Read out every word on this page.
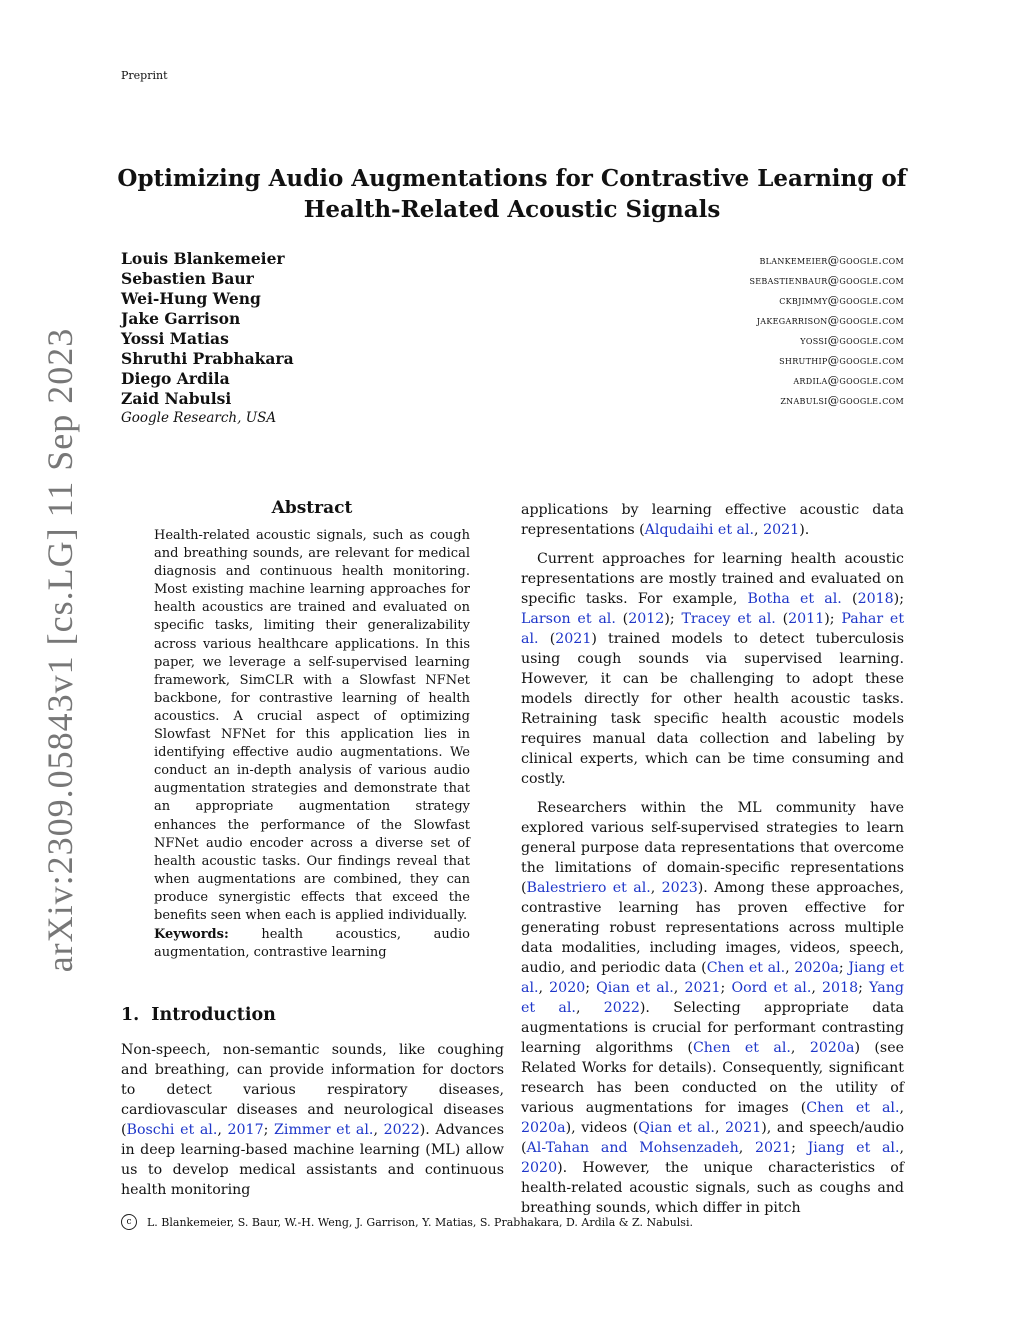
Preprint
arXiv:2309.05843v1 [cs.LG] 11 Sep 2023
Optimizing Audio Augmentations for Contrastive Learning of
Health-Related Acoustic Signals
Louis Blankemeier	blankemeier@google.com
Sebastien Baur	sebastienbaur@google.com
Wei-Hung Weng	ckbjimmy@google.com
Jake Garrison	jakegarrison@google.com
Yossi Matias	yossi@google.com
Shruthi Prabhakara	shruthip@google.com
Diego Ardila	ardila@google.com
Zaid Nabulsi	znabulsi@google.com
Google Research, USA
Abstract
Health-related acoustic signals, such as cough and breathing sounds, are relevant for medical diagnosis and continuous health monitoring. Most existing machine learning approaches for health acoustics are trained and evaluated on specific tasks, limiting their generalizability across various healthcare applications. In this paper, we leverage a self-supervised learning framework, SimCLR with a Slowfast NFNet backbone, for contrastive learning of health acoustics. A crucial aspect of optimizing Slowfast NFNet for this application lies in identifying effective audio augmentations. We conduct an in-depth analysis of various audio augmentation strategies and demonstrate that an appropriate augmentation strategy enhances the performance of the Slowfast NFNet audio encoder across a diverse set of health acoustic tasks. Our findings reveal that when augmentations are combined, they can produce synergistic effects that exceed the benefits seen when each is applied individually.
Keywords:	health acoustics, audio augmentation, contrastive learning
1. Introduction

Non-speech, non-semantic sounds, like coughing and breathing, can provide information for doctors to detect various respiratory diseases, cardiovascular diseases and neurological diseases (Boschi et al., 2017; Zimmer et al., 2022). Advances in deep learning-based machine learning (ML) allow us to develop medical assistants and continuous health monitoring

applications by learning effective acoustic data representations (Alqudaihi et al., 2021).

Current approaches for learning health acoustic representations are mostly trained and evaluated on specific tasks. For example, Botha et al. (2018); Larson et al. (2012); Tracey et al. (2011); Pahar et al. (2021) trained models to detect tuberculosis using cough sounds via supervised learning. However, it can be challenging to adopt these models directly for other health acoustic tasks. Retraining task specific health acoustic models requires manual data collection and labeling by clinical experts, which can be time consuming and costly.

Researchers within the ML community have explored various self-supervised strategies to learn general purpose data representations that overcome the limitations of domain-specific representations (Balestriero et al., 2023). Among these approaches, contrastive learning has proven effective for generating robust representations across multiple data modalities, including images, videos, speech, audio, and periodic data (Chen et al., 2020a; Jiang et al., 2020; Qian et al., 2021; Oord et al., 2018; Yang et al., 2022). Selecting appropriate data augmentations is crucial for performant contrasting learning algorithms (Chen et al., 2020a) (see Related Works for details). Consequently, significant research has been conducted on the utility of various augmentations for images (Chen et al., 2020a), videos (Qian et al., 2021), and speech/audio (Al-Tahan and Mohsenzadeh, 2021; Jiang et al., 2020). However, the unique characteristics of health-related acoustic signals, such as coughs and breathing sounds, which differ in pitch

c	L. Blankemeier, S. Baur, W.-H. Weng, J. Garrison, Y. Matias, S. Prabhakara, D. Ardila & Z. Nabulsi.
